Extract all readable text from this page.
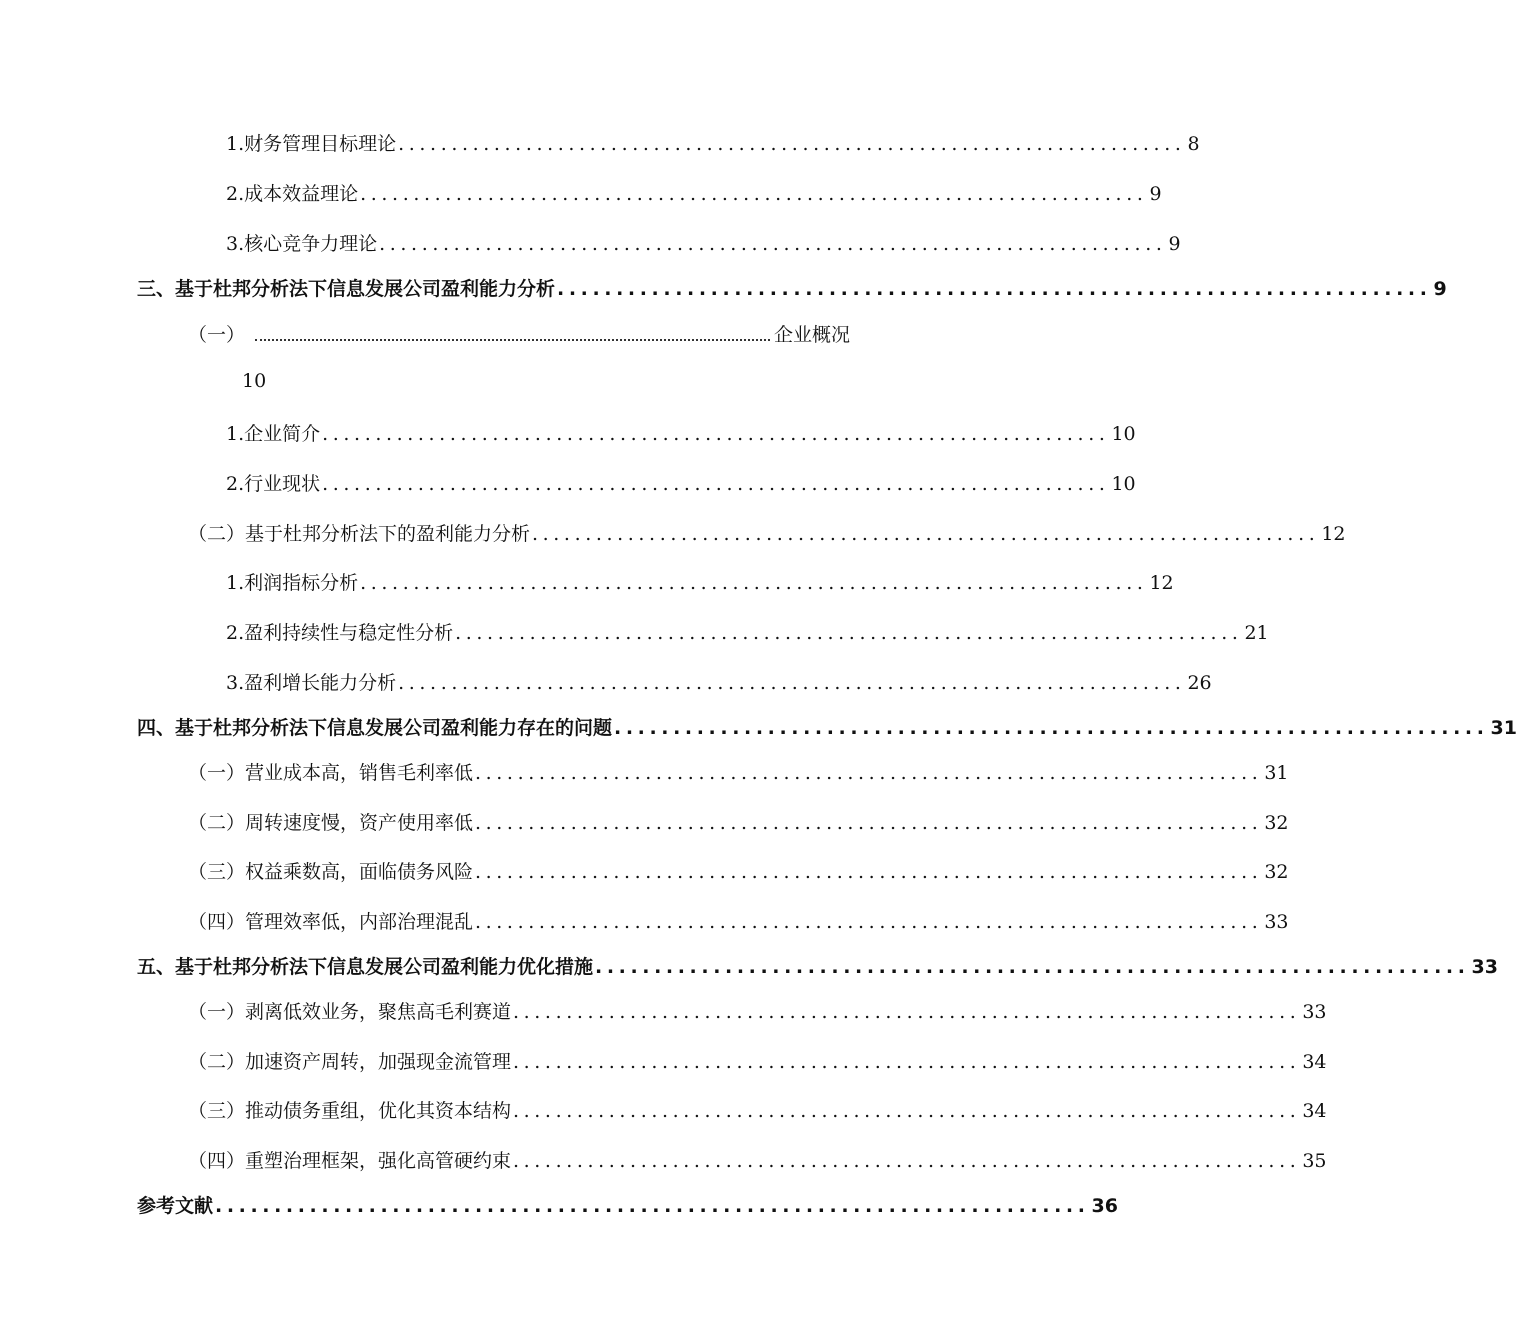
1.财务管理目标理论 .......................................................................... 8
2.成本效益理论 .......................................................................... 9
3.核心竞争力理论 .......................................................................... 9
三、基于杜邦分析法下信息发展公司盈利能力分析 .......................................................................... 9
（一）	企业概况
10
1.企业简介 .......................................................................... 10
2.行业现状 .......................................................................... 10
（二）基于杜邦分析法下的盈利能力分析 .......................................................................... 12
1.利润指标分析 .......................................................................... 12
2.盈利持续性与稳定性分析 .......................................................................... 21
3.盈利增长能力分析 .......................................................................... 26
四、基于杜邦分析法下信息发展公司盈利能力存在的问题 .......................................................................... 31
（一）营业成本高，销售毛利率低 .......................................................................... 31
（二）周转速度慢，资产使用率低 .......................................................................... 32
（三）权益乘数高，面临债务风险 .......................................................................... 32
（四）管理效率低，内部治理混乱 .......................................................................... 33
五、基于杜邦分析法下信息发展公司盈利能力优化措施 .......................................................................... 33
（一）剥离低效业务，聚焦高毛利赛道 .......................................................................... 33
（二）加速资产周转，加强现金流管理 .......................................................................... 34
（三）推动债务重组，优化其资本结构 .......................................................................... 34
（四）重塑治理框架，强化高管硬约束 .......................................................................... 35
参考文献 .......................................................................... 36
